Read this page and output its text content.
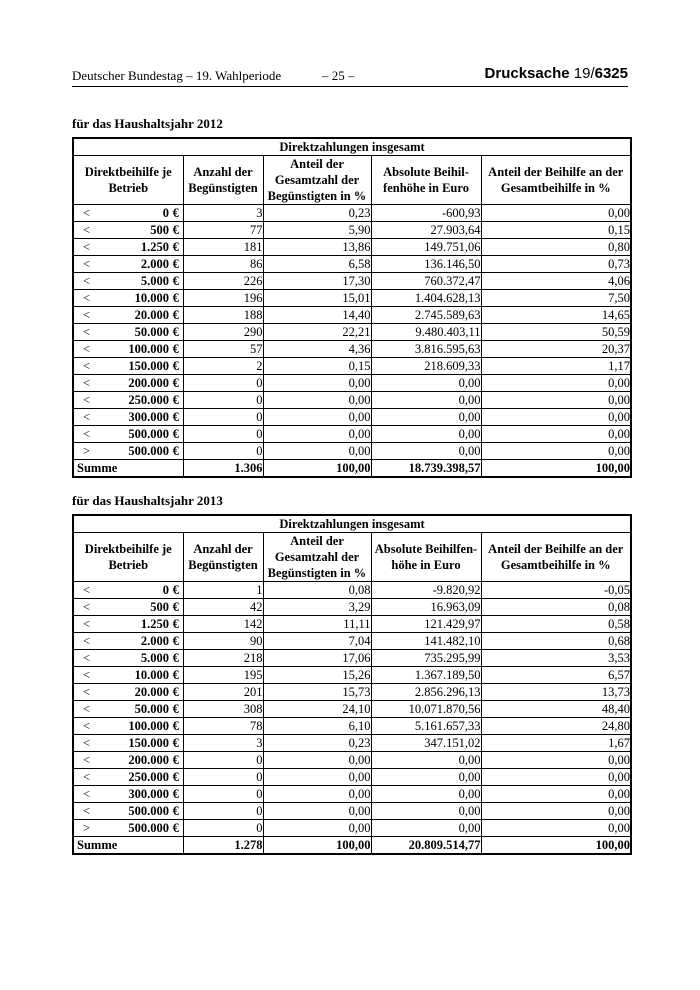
Deutscher Bundestag – 19. Wahlperiode	– 25 –	Drucksache 19/6325
für das Haushaltsjahr 2012
Direktzahlungen insgesamt						
Direktbeihilfe je Betrieb			Anzahl der Begünstigten	Anteil der Gesamtzahl der Begünstigten in %	Absolute Beihil-fenhöhe in Euro	Anteil der Beihilfe an der Gesamtbeihilfe in %
<	0	€	3	0,23	-600,93	0,00
<	500	€	77	5,90	27.903,64	0,15
<	1.250	€	181	13,86	149.751,06	0,80
<	2.000	€	86	6,58	136.146,50	0,73
<	5.000	€	226	17,30	760.372,47	4,06
<	10.000	€	196	15,01	1.404.628,13	7,50
<	20.000	€	188	14,40	2.745.589,63	14,65
<	50.000	€	290	22,21	9.480.403,11	50,59
<	100.000	€	57	4,36	3.816.595,63	20,37
<	150.000	€	2	0,15	218.609,33	1,17
<	200.000	€	0	0,00	0,00	0,00
<	250.000	€	0	0,00	0,00	0,00
<	300.000	€	0	0,00	0,00	0,00
<	500.000	€	0	0,00	0,00	0,00
>	500.000	€	0	0,00	0,00	0,00
Summe			1.306	100,00	18.739.398,57	100,00
für das Haushaltsjahr 2013
Direktzahlungen insgesamt						
Direktbeihilfe je Betrieb			Anzahl der Begünstigten	Anteil der Gesamtzahl der Begünstigten in %	Absolute Beihilfen-höhe in Euro	Anteil der Beihilfe an der Gesamtbeihilfe in %
<	0	€	1	0,08	-9.820,92	-0,05
<	500	€	42	3,29	16.963,09	0,08
<	1.250	€	142	11,11	121.429,97	0,58
<	2.000	€	90	7,04	141.482,10	0,68
<	5.000	€	218	17,06	735.295,99	3,53
<	10.000	€	195	15,26	1.367.189,50	6,57
<	20.000	€	201	15,73	2.856.296,13	13,73
<	50.000	€	308	24,10	10.071.870,56	48,40
<	100.000	€	78	6,10	5.161.657,33	24,80
<	150.000	€	3	0,23	347.151,02	1,67
<	200.000	€	0	0,00	0,00	0,00
<	250.000	€	0	0,00	0,00	0,00
<	300.000	€	0	0,00	0,00	0,00
<	500.000	€	0	0,00	0,00	0,00
>	500.000	€	0	0,00	0,00	0,00
Summe			1.278	100,00	20.809.514,77	100,00
